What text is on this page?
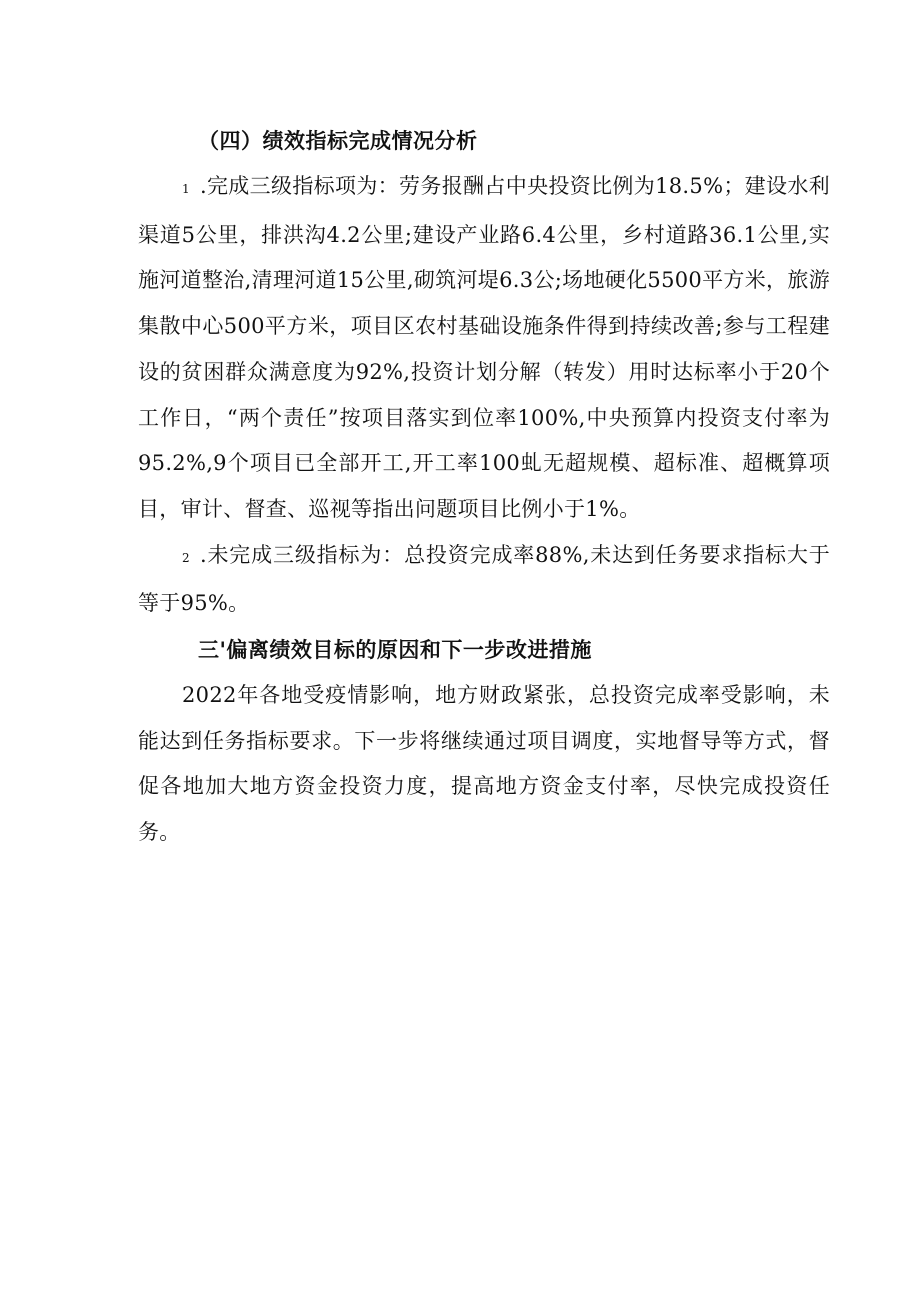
（四）绩效指标完成情况分析

1 .完成三级指标项为：劳务报酬占中央投资比例为18.5%；建设水利渠道5公里，排洪沟4.2公里;建设产业路6.4公里，乡村道路36.1公里,实施河道整治,清理河道15公里,砌筑河堤6.3公;场地硬化5500平方米，旅游集散中心500平方米，项目区农村基础设施条件得到持续改善;参与工程建设的贫困群众满意度为92%,投资计划分解（转发）用时达标率小于20个工作日，“两个责任”按项目落实到位率100%,中央预算内投资支付率为95.2%,9个项目已全部开工,开工率100虬无超规模、超标准、超概算项目，审计、督查、巡视等指出问题项目比例小于1%。

2 .未完成三级指标为：总投资完成率88%,未达到任务要求指标大于等于95%。

三'偏离绩效目标的原因和下一步改进措施

2022年各地受疫情影响，地方财政紧张，总投资完成率受影响，未能达到任务指标要求。下一步将继续通过项目调度，实地督导等方式，督促各地加大地方资金投资力度，提高地方资金支付率，尽快完成投资任务。
